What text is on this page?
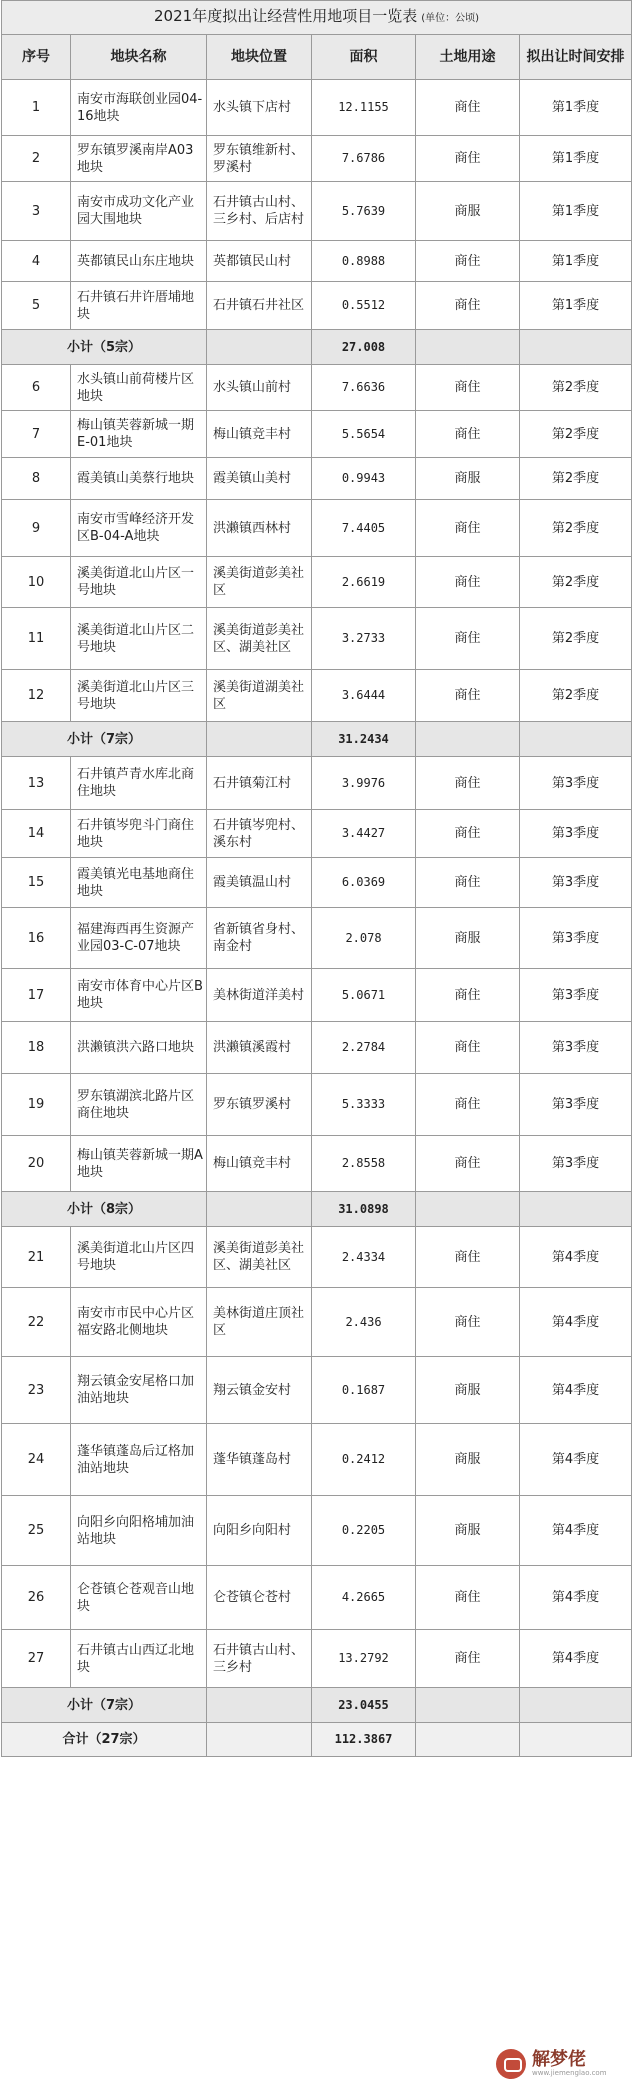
2021年度拟出让经营性用地项目一览表 (单位：公顷)					
序号	地块名称	地块位置	面积	土地用途	拟出让时间安排
1	南安市海联创业园04-16地块	水头镇下店村	12.1155	商住	第1季度
2	罗东镇罗溪南岸A03地块	罗东镇维新村、罗溪村	7.6786	商住	第1季度
3	南安市成功文化产业园大围地块	石井镇古山村、三乡村、后店村	5.7639	商服	第1季度
4	英都镇民山东庄地块	英都镇民山村	0.8988	商住	第1季度
5	石井镇石井许厝埔地块	石井镇石井社区	0.5512	商住	第1季度
小计（5宗）			27.008		
6	水头镇山前荷楼片区地块	水头镇山前村	7.6636	商住	第2季度
7	梅山镇芙蓉新城一期E-01地块	梅山镇竞丰村	5.5654	商住	第2季度
8	霞美镇山美蔡行地块	霞美镇山美村	0.9943	商服	第2季度
9	南安市雪峰经济开发区B-04-A地块	洪濑镇西林村	7.4405	商住	第2季度
10	溪美街道北山片区一号地块	溪美街道彭美社区	2.6619	商住	第2季度
11	溪美街道北山片区二号地块	溪美街道彭美社区、湖美社区	3.2733	商住	第2季度
12	溪美街道北山片区三号地块	溪美街道湖美社区	3.6444	商住	第2季度
小计（7宗）			31.2434		
13	石井镇芦青水库北商住地块	石井镇菊江村	3.9976	商住	第3季度
14	石井镇岑兜斗门商住地块	石井镇岑兜村、溪东村	3.4427	商住	第3季度
15	霞美镇光电基地商住地块	霞美镇温山村	6.0369	商住	第3季度
16	福建海西再生资源产业园03-C-07地块	省新镇省身村、南金村	2.078	商服	第3季度
17	南安市体育中心片区B地块	美林街道洋美村	5.0671	商住	第3季度
18	洪濑镇洪六路口地块	洪濑镇溪霞村	2.2784	商住	第3季度
19	罗东镇湖滨北路片区商住地块	罗东镇罗溪村	5.3333	商住	第3季度
20	梅山镇芙蓉新城一期A地块	梅山镇竞丰村	2.8558	商住	第3季度
小计（8宗）			31.0898		
21	溪美街道北山片区四号地块	溪美街道彭美社区、湖美社区	2.4334	商住	第4季度
22	南安市市民中心片区福安路北侧地块	美林街道庄顶社区	2.436	商住	第4季度
23	翔云镇金安尾格口加油站地块	翔云镇金安村	0.1687	商服	第4季度
24	蓬华镇蓬岛后辽格加油站地块	蓬华镇蓬岛村	0.2412	商服	第4季度
25	向阳乡向阳格埔加油站地块	向阳乡向阳村	0.2205	商服	第4季度
26	仑苍镇仑苍观音山地块	仑苍镇仑苍村	4.2665	商住	第4季度
27	石井镇古山西辽北地块	石井镇古山村、三乡村	13.2792	商住	第4季度
小计（7宗）			23.0455		
合计（27宗）			112.3867		
解梦佬
www.jiemenglao.com
